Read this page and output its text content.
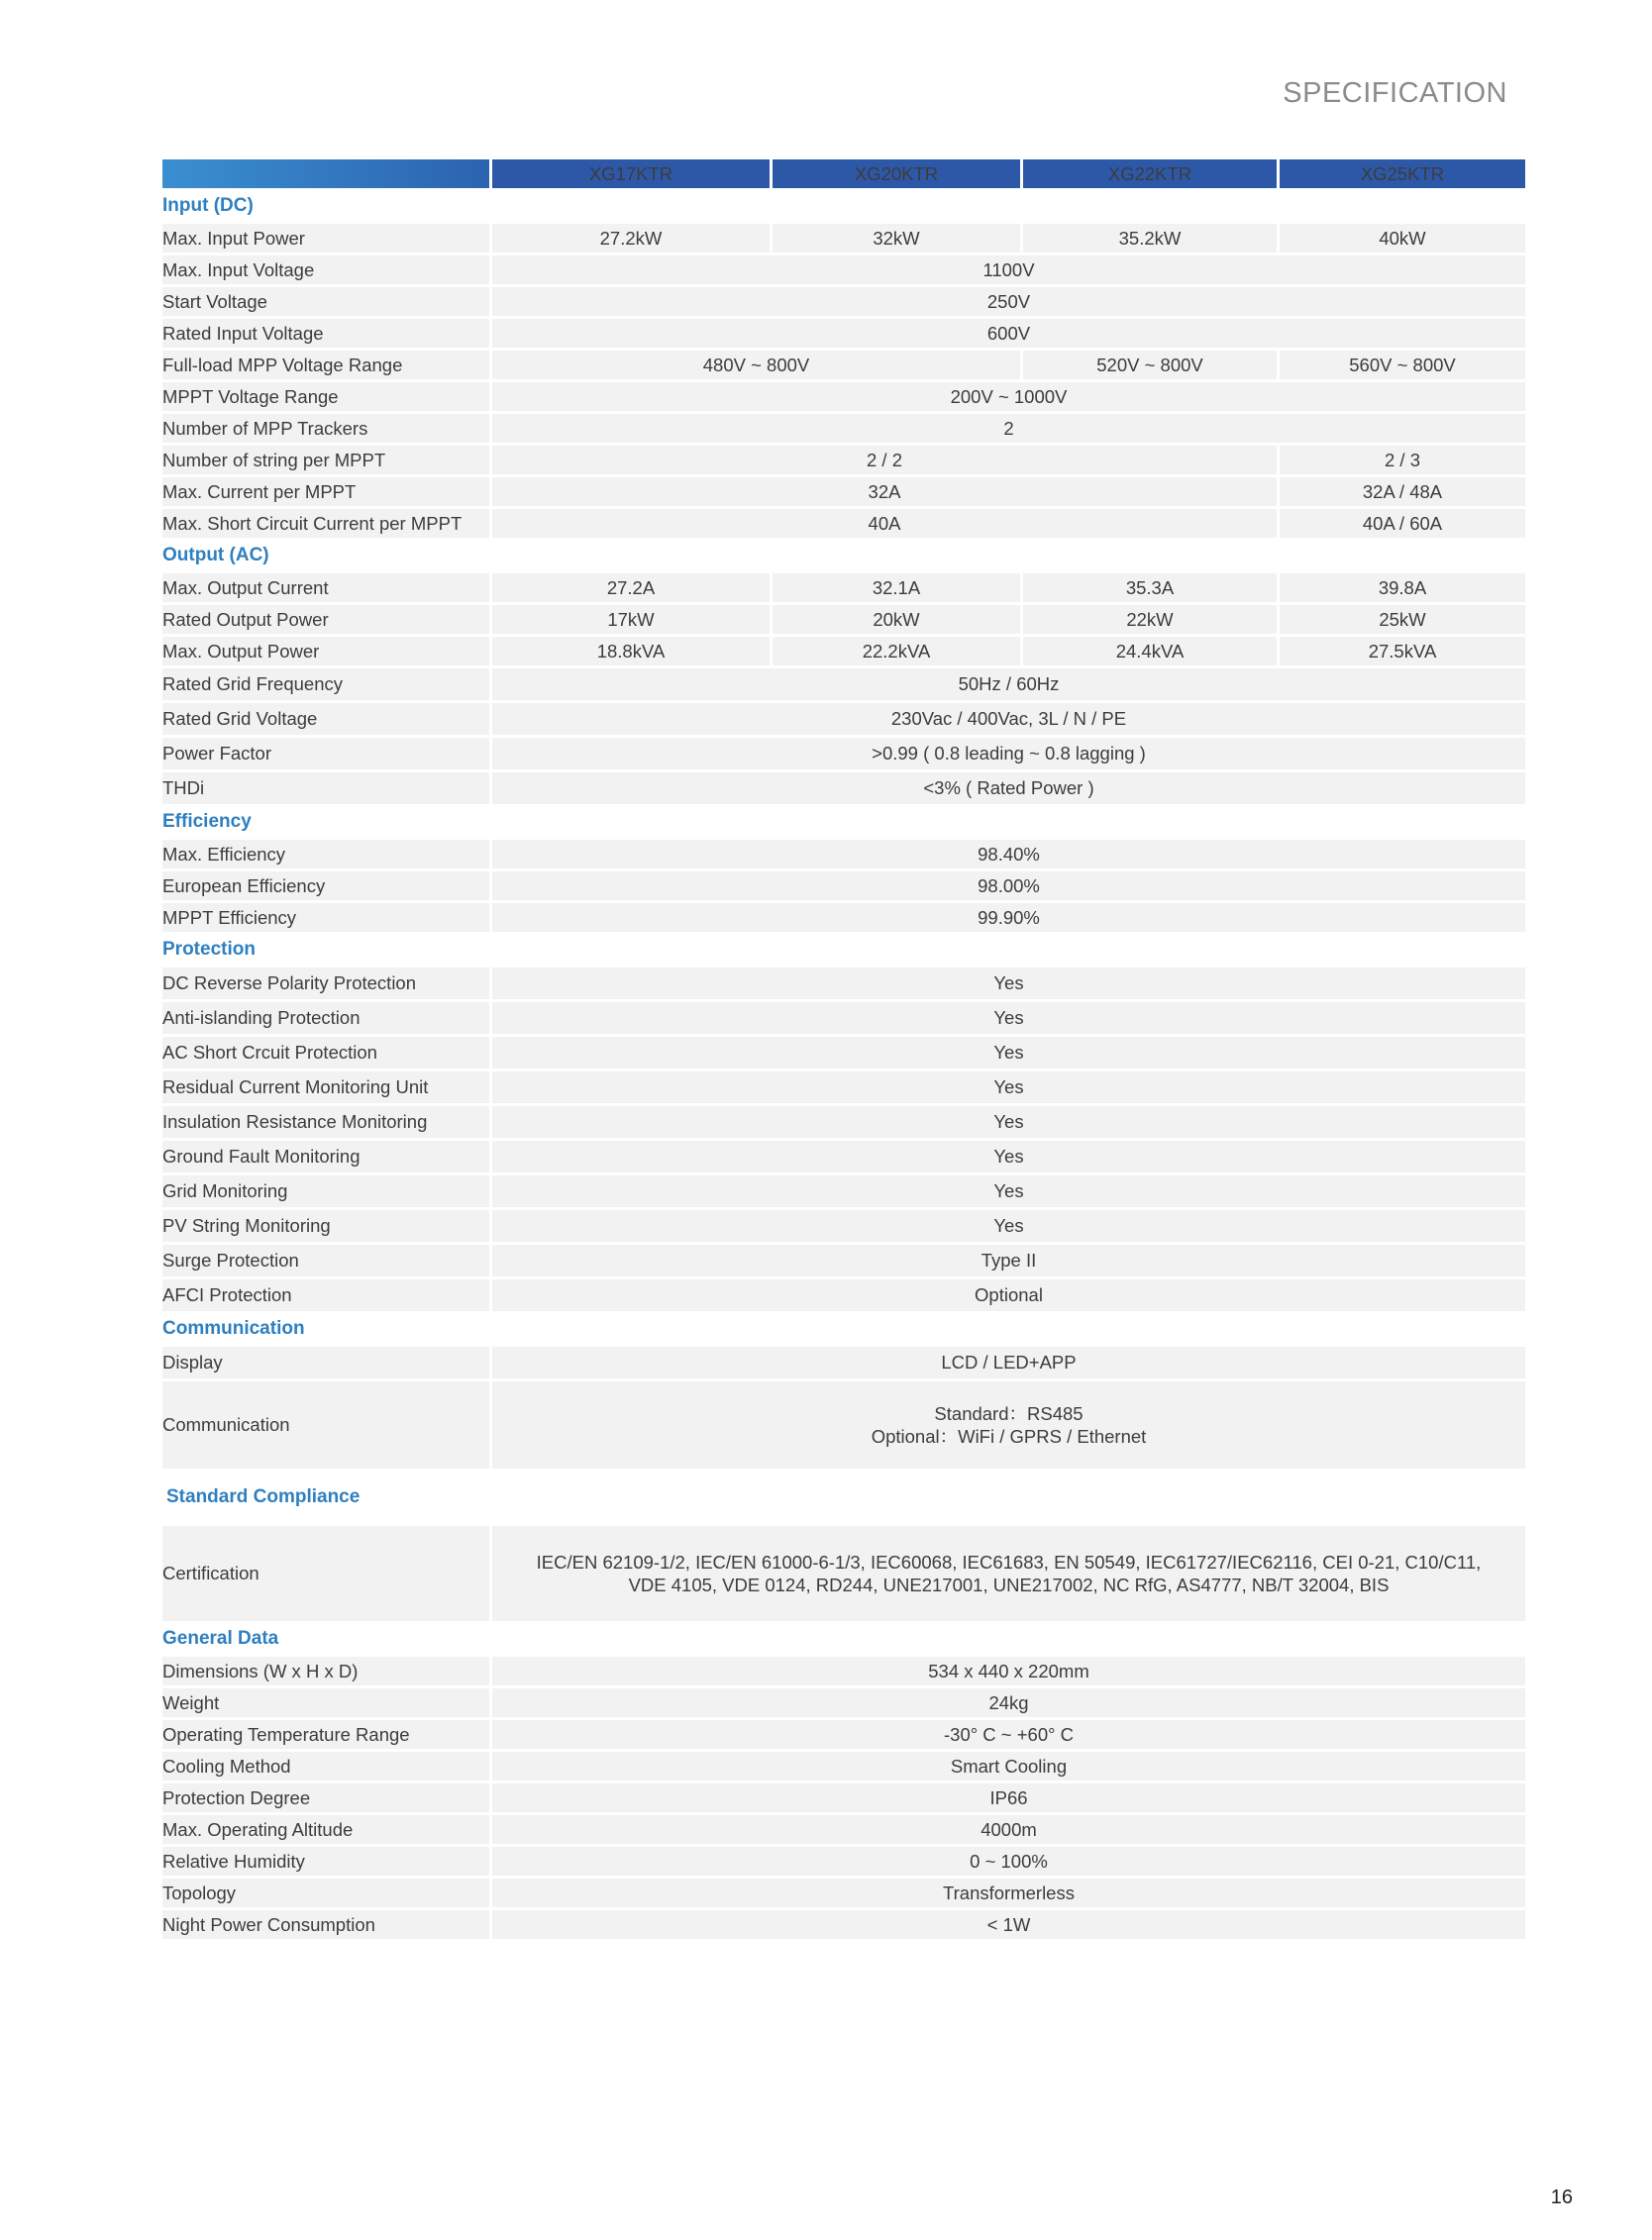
SPECIFICATION
	XG17KTR	XG20KTR	XG22KTR	XG25KTR
Input (DC)				
Max. Input Power	27.2kW	32kW	35.2kW	40kW
Max. Input Voltage	1100V			
Start Voltage	250V			
Rated Input Voltage	600V			
Full-load MPP Voltage Range	480V ~ 800V		520V ~ 800V	560V ~ 800V
MPPT Voltage Range	200V ~ 1000V			
Number of MPP Trackers	2			
Number of string per MPPT	2 / 2			2 / 3
Max. Current per MPPT	32A			32A / 48A
Max. Short Circuit Current per MPPT	40A			40A / 60A
Output (AC)				
Max. Output Current	27.2A	32.1A	35.3A	39.8A
Rated Output Power	17kW	20kW	22kW	25kW
Max. Output Power	18.8kVA	22.2kVA	24.4kVA	27.5kVA
Rated Grid Frequency	50Hz / 60Hz			
Rated Grid Voltage	230Vac / 400Vac, 3L / N / PE			
Power Factor	>0.99 ( 0.8 leading ~ 0.8 lagging )			
THDi	<3% ( Rated Power )			
Efficiency				
Max. Efficiency	98.40%			
European Efficiency	98.00%			
MPPT Efficiency	99.90%			
Protection				
DC Reverse Polarity Protection	Yes			
Anti-islanding Protection	Yes			
AC Short Crcuit Protection	Yes			
Residual Current Monitoring Unit	Yes			
Insulation Resistance Monitoring	Yes			
Ground Fault Monitoring	Yes			
Grid Monitoring	Yes			
PV String Monitoring	Yes			
Surge Protection	Type II			
AFCI Protection	Optional			
Communication				
Display	LCD / LED+APP			
Communication	Standard：RS485
Optional：WiFi / GPRS / Ethernet			

Standard Compliance				
Certification	IEC/EN 62109-1/2, IEC/EN 61000-6-1/3, IEC60068, IEC61683, EN 50549, IEC61727/IEC62116, CEI 0-21, C10/C11,
VDE 4105, VDE 0124, RD244, UNE217001, UNE217002, NC RfG, AS4777, NB/T 32004, BIS			

General Data				
Dimensions (W x H x D)	534 x 440 x 220mm			
Weight	24kg			
Operating Temperature Range	-30° C ~ +60° C			
Cooling Method	Smart Cooling			
Protection Degree	IP66			
Max. Operating Altitude	4000m			
Relative Humidity	0 ~ 100%			
Topology	Transformerless			
Night Power Consumption	< 1W			
16
